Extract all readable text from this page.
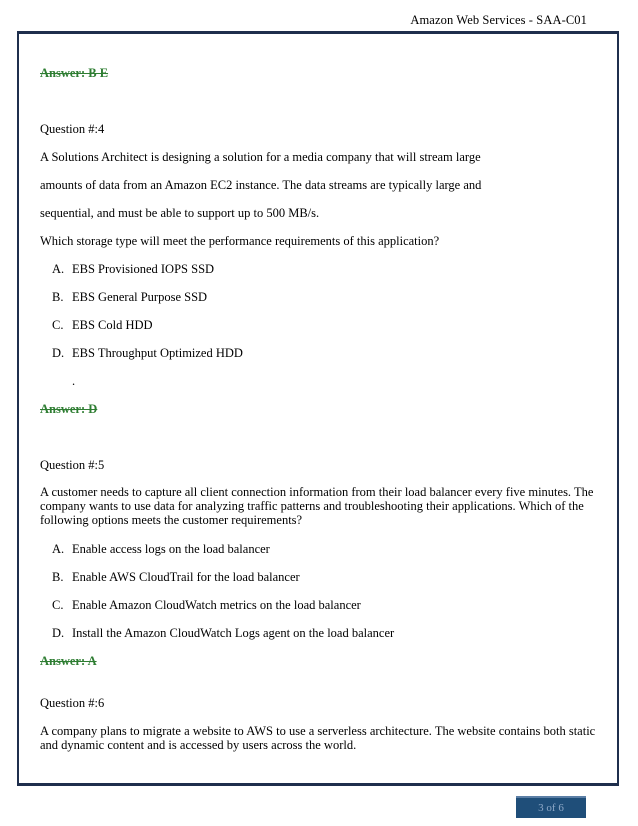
Amazon Web Services - SAA-C01
Answer: B E
Question #:4
A Solutions Architect is designing a solution for a media company that will stream large
amounts of data from an Amazon EC2 instance. The data streams are typically large and
sequential, and must be able to support up to 500 MB/s.
Which storage type will meet the performance requirements of this application?
A. EBS Provisioned IOPS SSD
B. EBS General Purpose SSD
C. EBS Cold HDD
D. EBS Throughput Optimized HDD
.
Answer: D
Question #:5
A customer needs to capture all client connection information from their load balancer every five minutes. The company wants to use data for analyzing traffic patterns and troubleshooting their applications. Which of the following options meets the customer requirements?
A. Enable access logs on the load balancer
B. Enable AWS CloudTrail for the load balancer
C. Enable Amazon CloudWatch metrics on the load balancer
D. Install the Amazon CloudWatch Logs agent on the load balancer
Answer: A
Question #:6
A company plans to migrate a website to AWS to use a serverless architecture. The website contains both static and dynamic content and is accessed by users across the world.
3 of 6
